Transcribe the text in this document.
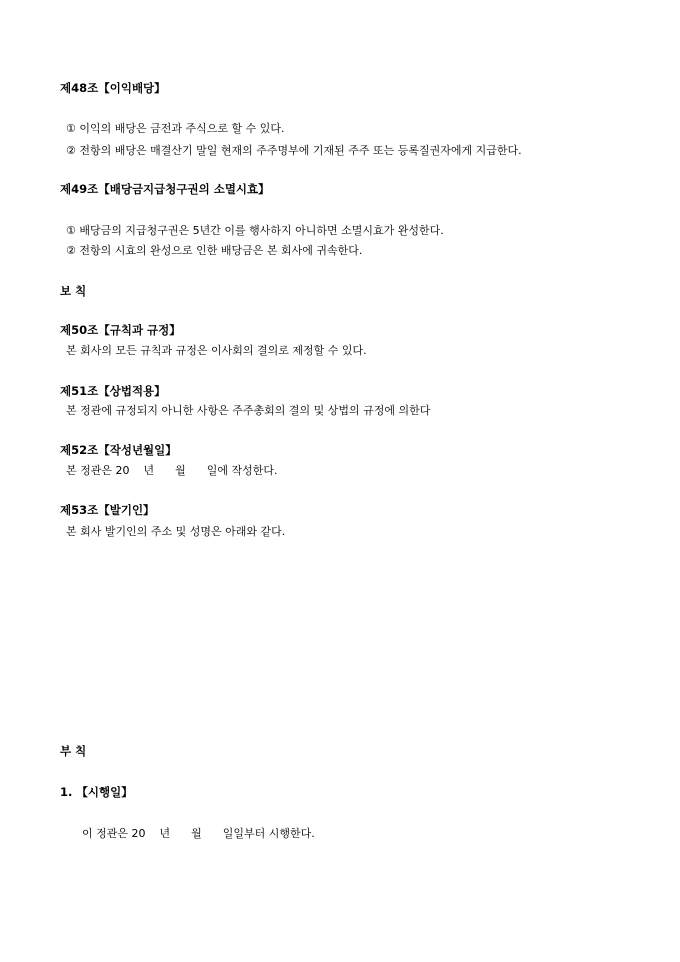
제48조【이익배당】
① 이익의 배당은 금전과 주식으로 할 수 있다.
② 전항의 배당은 매결산기 말일 현재의 주주명부에 기재된 주주 또는 등록질권자에게 지급한다.
제49조【배당금지급청구권의 소멸시효】
① 배당금의 지급청구권은 5년간 이를 행사하지 아니하면 소멸시효가 완성한다.
② 전항의 시효의 완성으로 인한 배당금은 본 회사에 귀속한다.
보 칙
제50조【규칙과 규정】
본 회사의 모든 규칙과 규정은 이사회의 결의로 제정할 수 있다.
제51조【상법적용】
본 정관에 규정되지 아니한 사항은 주주총회의 결의 및 상법의 규정에 의한다
제52조【작성년월일】
본 정관은 20    년      월      일에 작성한다.
제53조【발기인】
본 회사 발기인의 주소 및 성명은 아래와 같다.
부 칙
1. 【시행일】
이 정관은 20    년      월      일일부터 시행한다.
